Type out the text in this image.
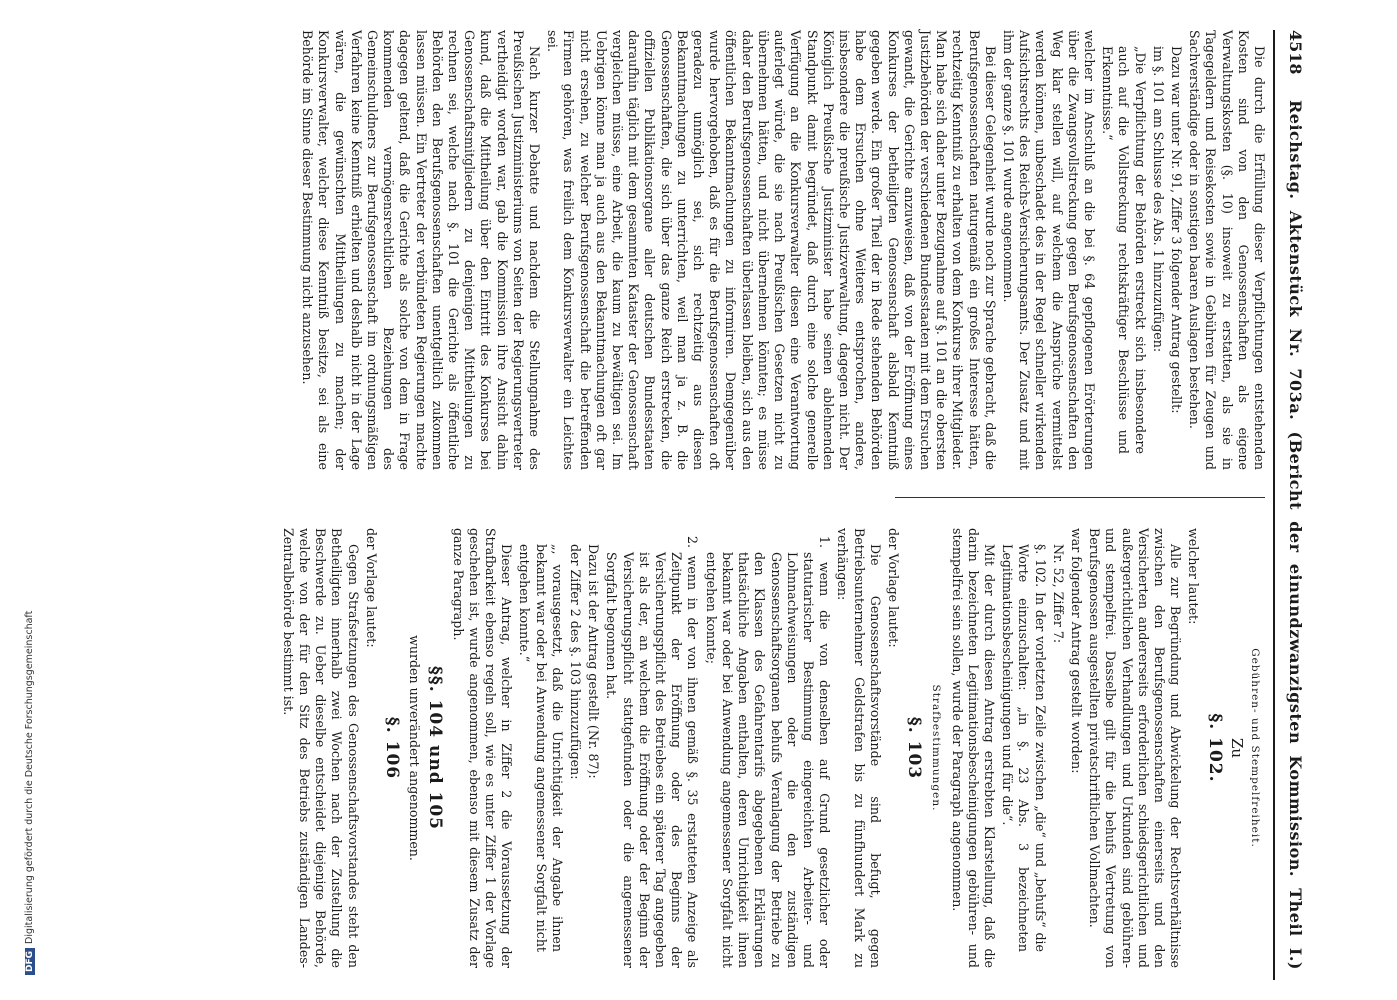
4518
Reichstag. Aktenstück Nr. 703a. (Bericht der einundzwanzigsten Kommission. Theil I.)

Die durch die Erfüllung dieser Verpflichtungen entstehenden Kosten sind von den Genossenschaften als eigene Verwaltungskosten (§. 10) insoweit zu erstatten, als sie in Tagegeldern und Reisekosten sowie in Gebühren für Zeugen und Sachverständige oder in sonstigen baaren Auslagen bestehen.

Dazu war unter Nr. 91, Ziffer 3 folgender Antrag gestellt:

im §. 101 am Schlusse des Abs. 1 hinzuzufügen:

„Die Verpflichtung der Behörden erstreckt sich insbesondere auch auf die Vollstreckung rechtskräftiger Beschlüsse und Erkenntnisse.“

welcher im Anschluß an die bei §. 64 gepflogenen Erörterungen über die Zwangsvollstreckung gegen Berufsgenossenschaften den Weg klar stellen will, auf welchem die Ansprüche vermittelst werden können, unbeschadet des in der Regel schneller wirkenden Aufsichtsrechts des Reichs-Versicherungsamts. Der Zusatz und mit ihm der ganze §. 101 wurde angenommen.

Bei dieser Gelegenheit wurde noch zur Sprache gebracht, daß die Berufsgenossenschaften naturgemäß ein großes Interesse hätten, rechtzeitig Kenntniß zu erhalten von dem Konkurse ihrer Mitglieder. Man habe sich daher unter Bezugnahme auf §. 101 an die obersten Justizbehörden der verschiedenen Bundesstaaten mit dem Ersuchen gewandt, die Gerichte anzuweisen, daß von der Eröffnung eines Konkurses der betheiligten Genossenschaft alsbald Kenntniß gegeben werde. Ein großer Theil der in Rede stehenden Behörden habe dem Ersuchen ohne Weiteres entsprochen, andere, insbesondere die preußische Justizverwaltung, dagegen nicht. Der Königlich Preußische Justizminister habe seinen ablehnenden Standpunkt damit begründet, daß durch eine solche generelle Verfügung an die Konkursverwalter diesen eine Verantwortung auferlegt würde, die sie nach Preußischen Gesetzen nicht zu übernehmen hätten, und nicht übernehmen könnten; es müsse daher den Berufsgenossenschaften überlassen bleiben, sich aus den öffentlichen Bekanntmachungen zu informiren. Demgegenüber wurde hervorgehoben, daß es für die Berufsgenossenschaften oft geradezu unmöglich sei, sich rechtzeitig aus diesen Bekanntmachungen zu unterrichten, weil man ja z. B. die Genossenschaften, die sich über das ganze Reich erstrecken, die offiziellen Publikationsorgane aller deutschen Bundesstaaten daraufhin täglich mit dem gesammten Kataster der Genossenschaft vergleichen müsse, eine Arbeit, die kaum zu bewältigen sei. Im Uebrigen könne man ja auch aus den Bekanntmachungen oft gar nicht ersehen, zu welcher Berufsgenossenschaft die betreffenden Firmen gehören, was freilich dem Konkursverwalter ein Leichtes sei.

Nach kurzer Debatte und nachdem die Stellungnahme des Preußischen Justizministeriums von Seiten der Regierungsvertreter vertheidigt worden war, gab die Kommission ihre Ansicht dahin kund, daß die Mittheilung über den Eintritt des Konkurses bei Genossenschaftsmitgliedern zu denjenigen Mittheilungen zu rechnen sei, welche nach §. 101 die Gerichte als öffentliche Behörden den Berufsgenossenschaften unentgeltlich zukommen lassen müssen. Ein Vertreter der verbündeten Regierungen machte dagegen geltend, daß die Gerichte als solche von dem in Frage kommenden vermögensrechtlichen Beziehungen des Gemeinschuldners zur Berufsgenossenschaft im ordnungsmäßigen Verfahren keine Kenntniß erhielten und deshalb nicht in der Lage wären, die gewünschten Mittheilungen zu machen; der Konkursverwalter, welcher diese Kenntniß besitze, sei als eine Behörde im Sinne dieser Bestimmung nicht anzusehen.

Gebühren- und Stempelfreiheit.
Zu
§. 102.

welcher lautet:

Alle zur Begründung und Abwickelung der Rechtsverhältnisse zwischen den Berufsgenossenschaften einerseits und den Versicherten andererseits erforderlichen schiedsgerichtlichen und außergerichtlichen Verhandlungen und Urkunden sind gebühren- und stempelfrei. Dasselbe gilt für die behufs Vertretung von Berufsgenossen ausgestellten privatschriftlichen Vollmachten.

war folgender Antrag gestellt worden:

Nr. 52, Ziffer 7:

§. 102. In der vorletzten Zeile zwischen „die“ und „behufs“ die Worte einzuschalten: „in §. 23 Abs. 3 bezeichneten Legitimationsbescheinigungen und für die“.

Mit der durch diesen Antrag erstrebten Klarstellung, daß die darin bezeichneten Legitimationsbescheinigungen gebühren- und stempelfrei sein sollen, wurde der Paragraph angenommen.

Strafbestimmungen.
§. 103

der Vorlage lautet:

Die Genossenschaftsvorstände sind befugt, gegen Betriebsunternehmer Geldstrafen bis zu fünfhundert Mark zu verhängen:

1. wenn die von denselben auf Grund gesetzlicher oder statutarischer Bestimmung eingereichten Arbeiter- und Lohnnachweisungen oder die den zuständigen Genossenschaftsorganen behufs Veranlagung der Betriebe zu den Klassen des Gefahrentarifs abgegebenen Erklärungen thatsächliche Angaben enthalten, deren Unrichtigkeit ihnen bekannt war oder bei Anwendung angemessener Sorgfalt nicht entgehen konnte;

2. wenn in der von ihnen gemäß §. 35 erstatteten Anzeige als Zeitpunkt der Eröffnung oder des Beginns der Versicherungspflicht des Betriebes ein späterer Tag angegeben ist als der, an welchem die Eröffnung oder der Beginn der Versicherungspflicht stattgefunden oder die angemessener Sorgfalt begonnen hat.

Dazu ist der Antrag gestellt (Nr. 87):

der Ziffer 2 des §. 103 hinzuzufügen:

„, vorausgesetzt, daß die Unrichtigkeit der Angabe ihnen bekannt war oder bei Anwendung angemessener Sorgfalt nicht entgehen konnte.“

Dieser Antrag, welcher in Ziffer 2 die Voraussetzung der Strafbarkeit ebenso regeln soll, wie es unter Ziffer 1 der Vorlage geschehen ist, wurde angenommen, ebenso mit diesem Zusatz der ganze Paragraph.

§§. 104 und 105

wurden unverändert angenommen.

§. 106

der Vorlage lautet:

Gegen Strafsetzungen des Genossenschaftsvorstandes steht den Betheiligten innerhalb zwei Wochen nach der Zustellung die Beschwerde zu. Ueber dieselbe entscheidet diejenige Behörde, welche von der für den Sitz des Betriebs zuständigen Landes-Zentralbehörde bestimmt ist.

DFGDigitalisierung gefördert durch die Deutsche Forschungsgemeinschaft
